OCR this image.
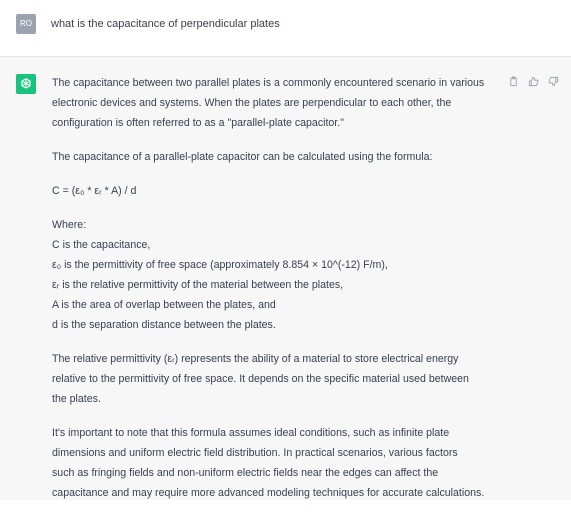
RO	what is the capacitance of perpendicular plates

The capacitance between two parallel plates is a commonly encountered scenario in various
electronic devices and systems. When the plates are perpendicular to each other, the
configuration is often referred to as a "parallel-plate capacitor."

The capacitance of a parallel-plate capacitor can be calculated using the formula:

C = (ε₀ * εᵣ * A) / d

Where:
C is the capacitance,
ε₀ is the permittivity of free space (approximately 8.854 × 10^(-12) F/m),
εᵣ is the relative permittivity of the material between the plates,
A is the area of overlap between the plates, and
d is the separation distance between the plates.

The relative permittivity (εᵣ) represents the ability of a material to store electrical energy
relative to the permittivity of free space. It depends on the specific material used between
the plates.

It's important to note that this formula assumes ideal conditions, such as infinite plate
dimensions and uniform electric field distribution. In practical scenarios, various factors
such as fringing fields and non-uniform electric fields near the edges can affect the
capacitance and may require more advanced modeling techniques for accurate calculations.
